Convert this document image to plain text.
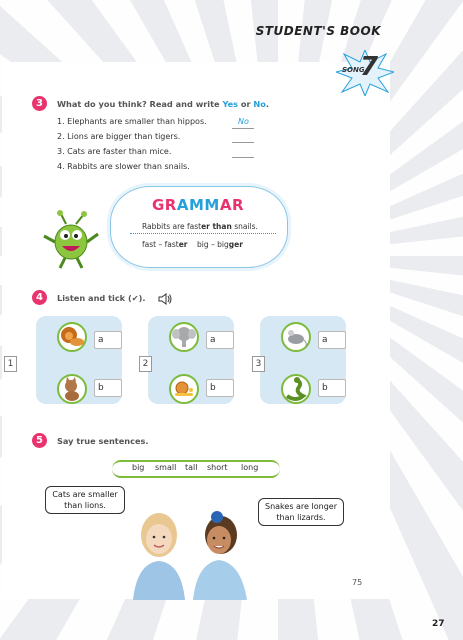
STUDENT'S BOOK
SONG
7
3	What do you think? Read and write Yes or No.
1. Elephants are smaller than hippos.
2. Lions are bigger than tigers.
3. Cats are faster than mice.
4. Rabbits are slower than snails.
No
GRAMMAR
Rabbits are faster than snails.
fast – faster big – bigger
4	Listen and tick (✔).
1
a
b
2
a
b
3
a
b
5	Say true sentences.
big small tall short long
Cats are smaller
than lions.	Snakes are longer
than lizards.
75
27
